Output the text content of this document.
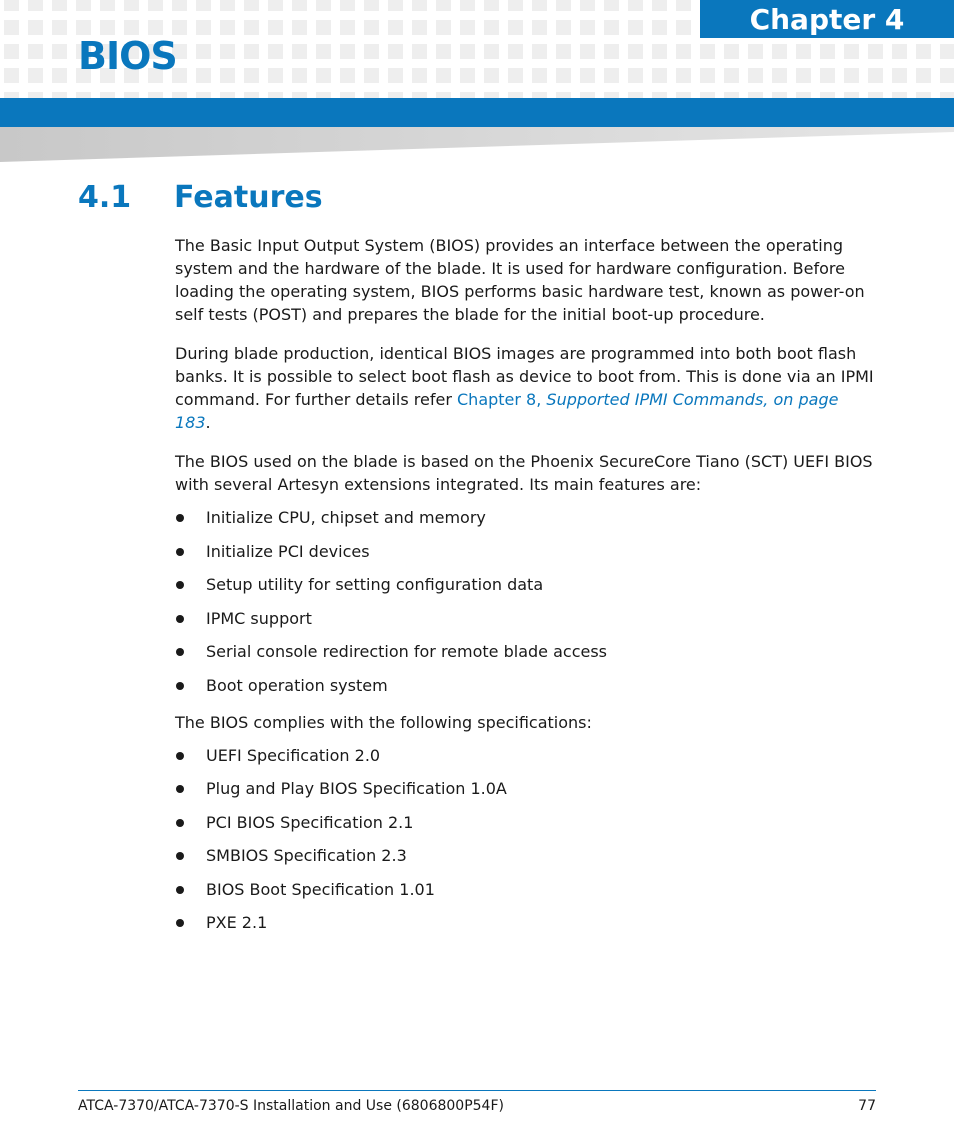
Chapter 4
BIOS
4.1	Features

The Basic Input Output System (BIOS) provides an interface between the operating system and the hardware of the blade. It is used for hardware configuration. Before loading the operating system, BIOS performs basic hardware test, known as power-on self tests (POST) and prepares the blade for the initial boot-up procedure.

During blade production, identical BIOS images are programmed into both boot flash banks. It is possible to select boot flash as device to boot from. This is done via an IPMI command. For further details refer Chapter 8, Supported IPMI Commands, on page 183.

The BIOS used on the blade is based on the Phoenix SecureCore Tiano (SCT) UEFI BIOS with several Artesyn extensions integrated. Its main features are:

Initialize CPU, chipset and memory
Initialize PCI devices
Setup utility for setting configuration data
IPMC support
Serial console redirection for remote blade access
Boot operation system

The BIOS complies with the following specifications:

UEFI Specification 2.0
Plug and Play BIOS Specification 1.0A
PCI BIOS Specification 2.1
SMBIOS Specification 2.3
BIOS Boot Specification 1.01
PXE 2.1
ATCA-7370/ATCA-7370-S Installation and Use (6806800P54F)	77
